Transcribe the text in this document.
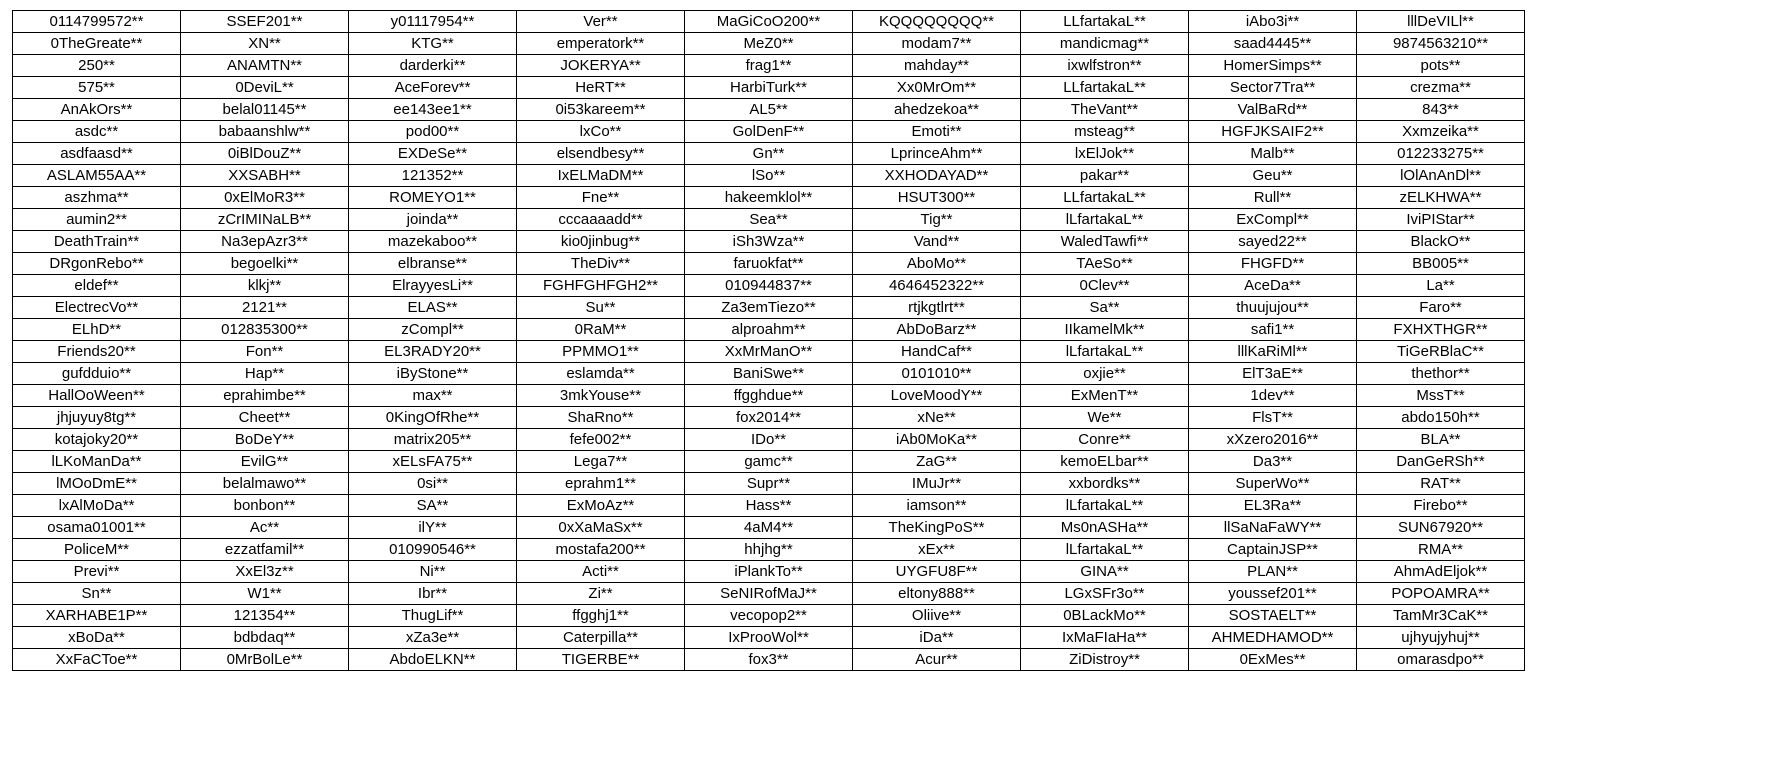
0114799572**	SSEF201**	y01117954**	Ver**	MaGiCoO200**	KQQQQQQQQ**	LLfartakaL**	iAbo3i**	lllDeVILl**
0TheGreate**	XN**	KTG**	emperatork**	MeZ0**	modam7**	mandicmag**	saad4445**	9874563210**
250**	ANAMTN**	darderki**	JOKERYA**	frag1**	mahday**	ixwlfstron**	HomerSimps**	pots**
575**	0DeviL**	AceForev**	HeRT**	HarbiTurk**	Xx0MrOm**	LLfartakaL**	Sector7Tra**	crezma**
AnAkOrs**	belal01145**	ee143ee1**	0i53kareem**	AL5**	ahedzekoa**	TheVant**	ValBaRd**	843**
asdc**	babaanshlw**	pod00**	lxCo**	GolDenF**	Emoti**	msteag**	HGFJKSAIF2**	Xxmzeika**
asdfaasd**	0iBlDouZ**	EXDeSe**	elsendbesy**	Gn**	LprinceAhm**	lxElJok**	Malb**	012233275**
ASLAM55AA**	XXSABH**	121352**	IxELMaDM**	lSo**	XXHODAYAD**	pakar**	Geu**	lOlAnAnDl**
aszhma**	0xElMoR3**	ROMEYO1**	Fne**	hakeemklol**	HSUT300**	LLfartakaL**	Rull**	zELKHWA**
aumin2**	zCrIMINaLB**	joinda**	cccaaaadd**	Sea**	Tig**	lLfartakaL**	ExCompl**	IviPIStar**
DeathTrain**	Na3epAzr3**	mazekaboo**	kio0jinbug**	iSh3Wza**	Vand**	WaledTawfi**	sayed22**	BlackO**
DRgonRebo**	begoelki**	elbranse**	TheDiv**	faruokfat**	AboMo**	TAeSo**	FHGFD**	BB005**
eldef**	klkj**	ElrayyesLi**	FGHFGHFGH2**	010944837**	4646452322**	0Clev**	AceDa**	La**
ElectrecVo**	2121**	ELAS**	Su**	Za3emTiezo**	rtjkgtlrt**	Sa**	thuujujou**	Faro**
ELhD**	012835300**	zCompl**	0RaM**	alproahm**	AbDoBarz**	IIkamelMk**	safi1**	FXHXTHGR**
Friends20**	Fon**	EL3RADY20**	PPMMO1**	XxMrManO**	HandCaf**	lLfartakaL**	lllKaRiMl**	TiGeRBlaC**
gufdduio**	Hap**	iByStone**	eslamda**	BaniSwe**	0101010**	oxjie**	ElT3aE**	thethor**
HallOoWeen**	eprahimbe**	max**	3mkYouse**	ffgghdue**	LoveMoodY**	ExMenT**	1dev**	MssT**
jhjuyuy8tg**	Cheet**	0KingOfRhe**	ShaRno**	fox2014**	xNe**	We**	FlsT**	abdo150h**
kotajoky20**	BoDeY**	matrix205**	fefe002**	IDo**	iAb0MoKa**	Conre**	xXzero2016**	BLA**
lLKoManDa**	EvilG**	xELsFA75**	Lega7**	gamc**	ZaG**	kemoELbar**	Da3**	DanGeRSh**
lMOoDmE**	belalmawo**	0si**	eprahm1**	Supr**	IMuJr**	xxbordks**	SuperWo**	RAT**
lxAlMoDa**	bonbon**	SA**	ExMoAz**	Hass**	iamson**	lLfartakaL**	EL3Ra**	Firebo**
osama01001**	Ac**	ilY**	0xXaMaSx**	4aM4**	TheKingPoS**	Ms0nASHa**	llSaNaFaWY**	SUN67920**
PoliceM**	ezzatfamil**	010990546**	mostafa200**	hhjhg**	xEx**	lLfartakaL**	CaptainJSP**	RMA**
Previ**	XxEl3z**	Ni**	Acti**	iPlankTo**	UYGFU8F**	GINA**	PLAN**	AhmAdEljok**
Sn**	W1**	Ibr**	Zi**	SeNIRofMaJ**	eltony888**	LGxSFr3o**	youssef201**	POPOAMRA**
XARHABE1P**	121354**	ThugLif**	ffgghj1**	vecopop2**	Oliive**	0BLackMo**	SOSTAELT**	TamMr3CaK**
xBoDa**	bdbdaq**	xZa3e**	Caterpilla**	IxProoWol**	iDa**	IxMaFIaHa**	AHMEDHAMOD**	ujhyujyhuj**
XxFaCToe**	0MrBolLe**	AbdoELKN**	TIGERBE**	fox3**	Acur**	ZiDistroy**	0ExMes**	omarasdpo**
